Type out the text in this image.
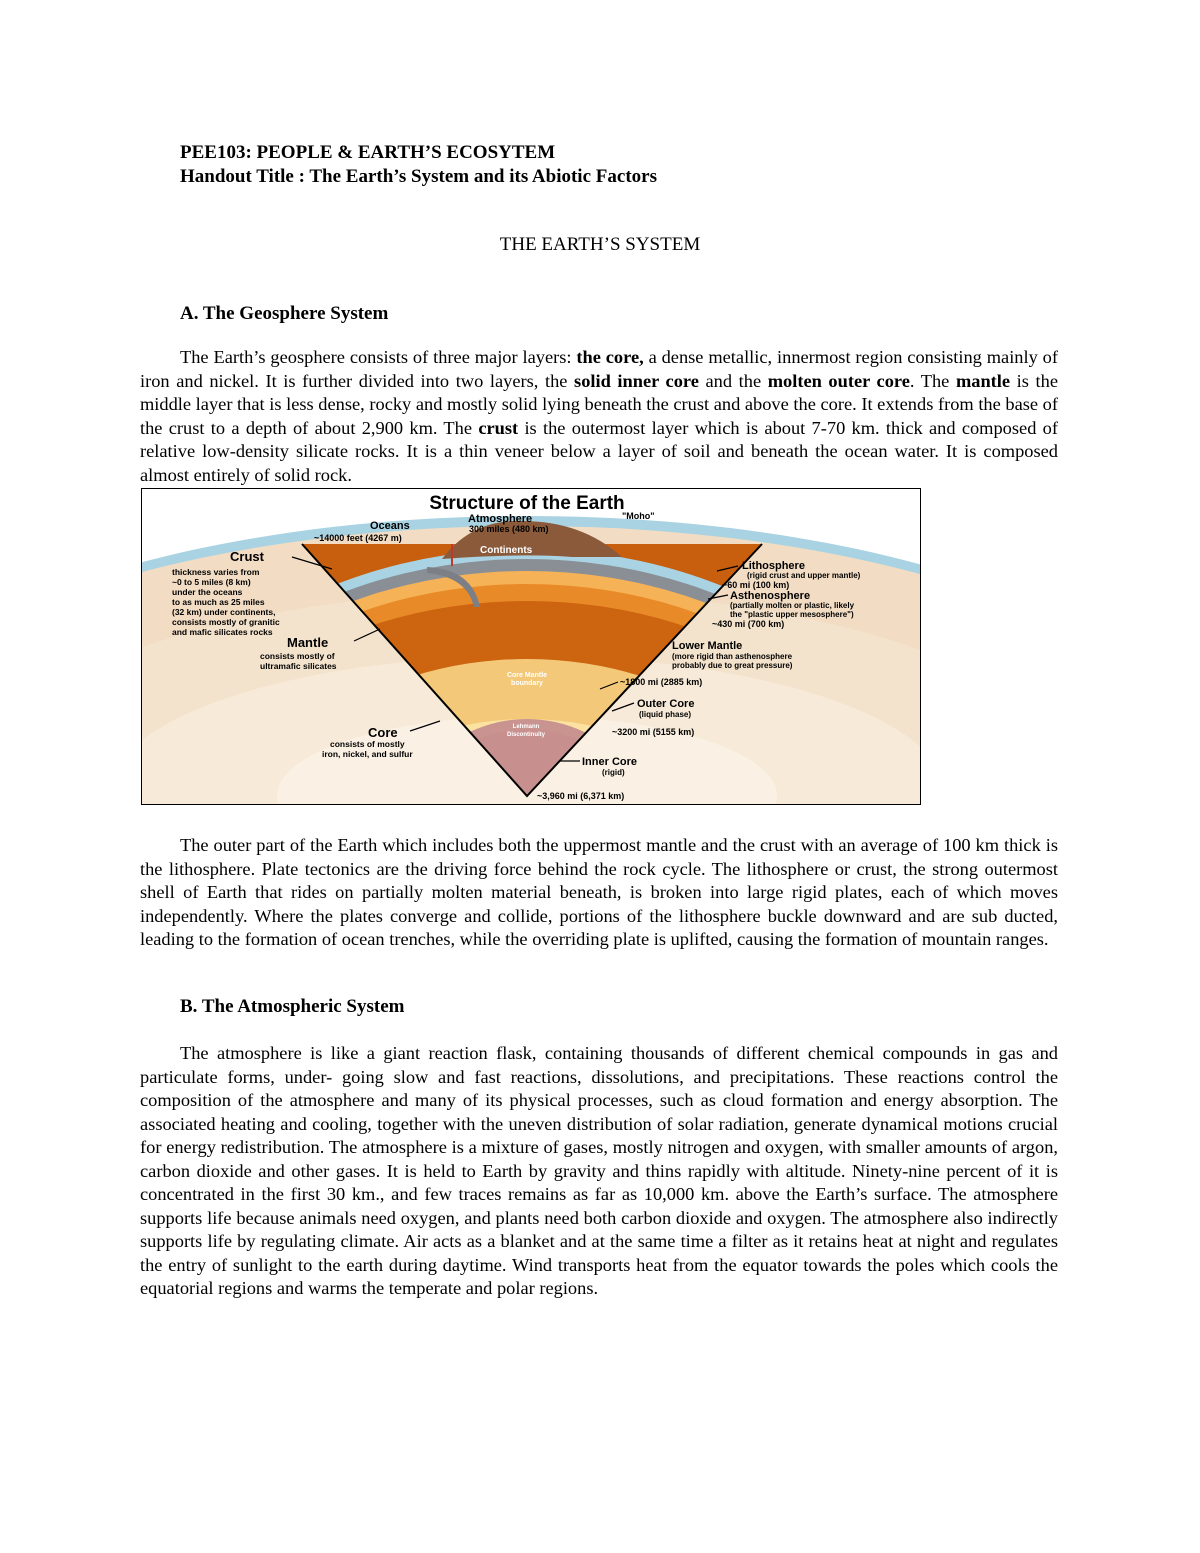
PEE103: PEOPLE & EARTH’S ECOSYTEM
Handout Title : The Earth’s System and its Abiotic Factors
THE EARTH’S SYSTEM
A. The Geosphere System

The Earth’s geosphere consists of three major layers: the core, a dense metallic, innermost region consisting mainly of iron and nickel. It is further divided into two layers, the solid inner core and the molten outer core. The mantle is the middle layer that is less dense, rocky and mostly solid lying beneath the crust and above the core. It extends from the base of the crust to a depth of about 2,900 km. The crust is the outermost layer which is about 7-70 km. thick and composed of relative low-density silicate rocks. It is a thin veneer below a layer of soil and beneath the ocean water. It is composed almost entirely of solid rock.

Structure of the Earth
Oceans
~14000 feet (4267 m)
Atmosphere
300 miles (480 km)
"Moho"
Continents
Crust
thickness varies from
~0 to 5 miles (8 km)
under the oceans
to as much as 25 miles
(32 km) under continents,
consists mostly of granitic
and mafic silicates rocks
Lithosphere
(rigid crust and upper mantle)
~60 mi (100 km)
Asthenosphere
(partially molten or plastic, likely
the "plastic upper mesosphere")
~430 mi (700 km)
Mantle
consists mostly of
ultramafic silicates
Lower Mantle
(more rigid than asthenosphere
probably due to great pressure)
Core Mantle
boundary	~1800 mi (2885 km)
Outer Core
(liquid phase)
~3200 mi (5155 km)
Core
consists of mostly
iron, nickel, and sulfur
Lehmann
Discontinuity
Inner Core
(rigid)
~3,960 mi (6,371 km)

The outer part of the Earth which includes both the uppermost mantle and the crust with an average of 100 km thick is the lithosphere. Plate tectonics are the driving force behind the rock cycle. The lithosphere or crust, the strong outermost shell of Earth that rides on partially molten material beneath, is broken into large rigid plates, each of which moves independently. Where the plates converge and collide, portions of the lithosphere buckle downward and are sub ducted, leading to the formation of ocean trenches, while the overriding plate is uplifted, causing the formation of mountain ranges.

B. The Atmospheric System

The atmosphere is like a giant reaction flask, containing thousands of different chemical compounds in gas and particulate forms, under- going slow and fast reactions, dissolutions, and precipitations. These reactions control the composition of the atmosphere and many of its physical processes, such as cloud formation and energy absorption. The associated heating and cooling, together with the uneven distribution of solar radiation, generate dynamical motions crucial for energy redistribution. The atmosphere is a mixture of gases, mostly nitrogen and oxygen, with smaller amounts of argon, carbon dioxide and other gases. It is held to Earth by gravity and thins rapidly with altitude. Ninety-nine percent of it is concentrated in the first 30 km., and few traces remains as far as 10,000 km. above the Earth’s surface. The atmosphere supports life because animals need oxygen, and plants need both carbon dioxide and oxygen. The atmosphere also indirectly supports life by regulating climate. Air acts as a blanket and at the same time a filter as it retains heat at night and regulates the entry of sunlight to the earth during daytime. Wind transports heat from the equator towards the poles which cools the equatorial regions and warms the temperate and polar regions.
